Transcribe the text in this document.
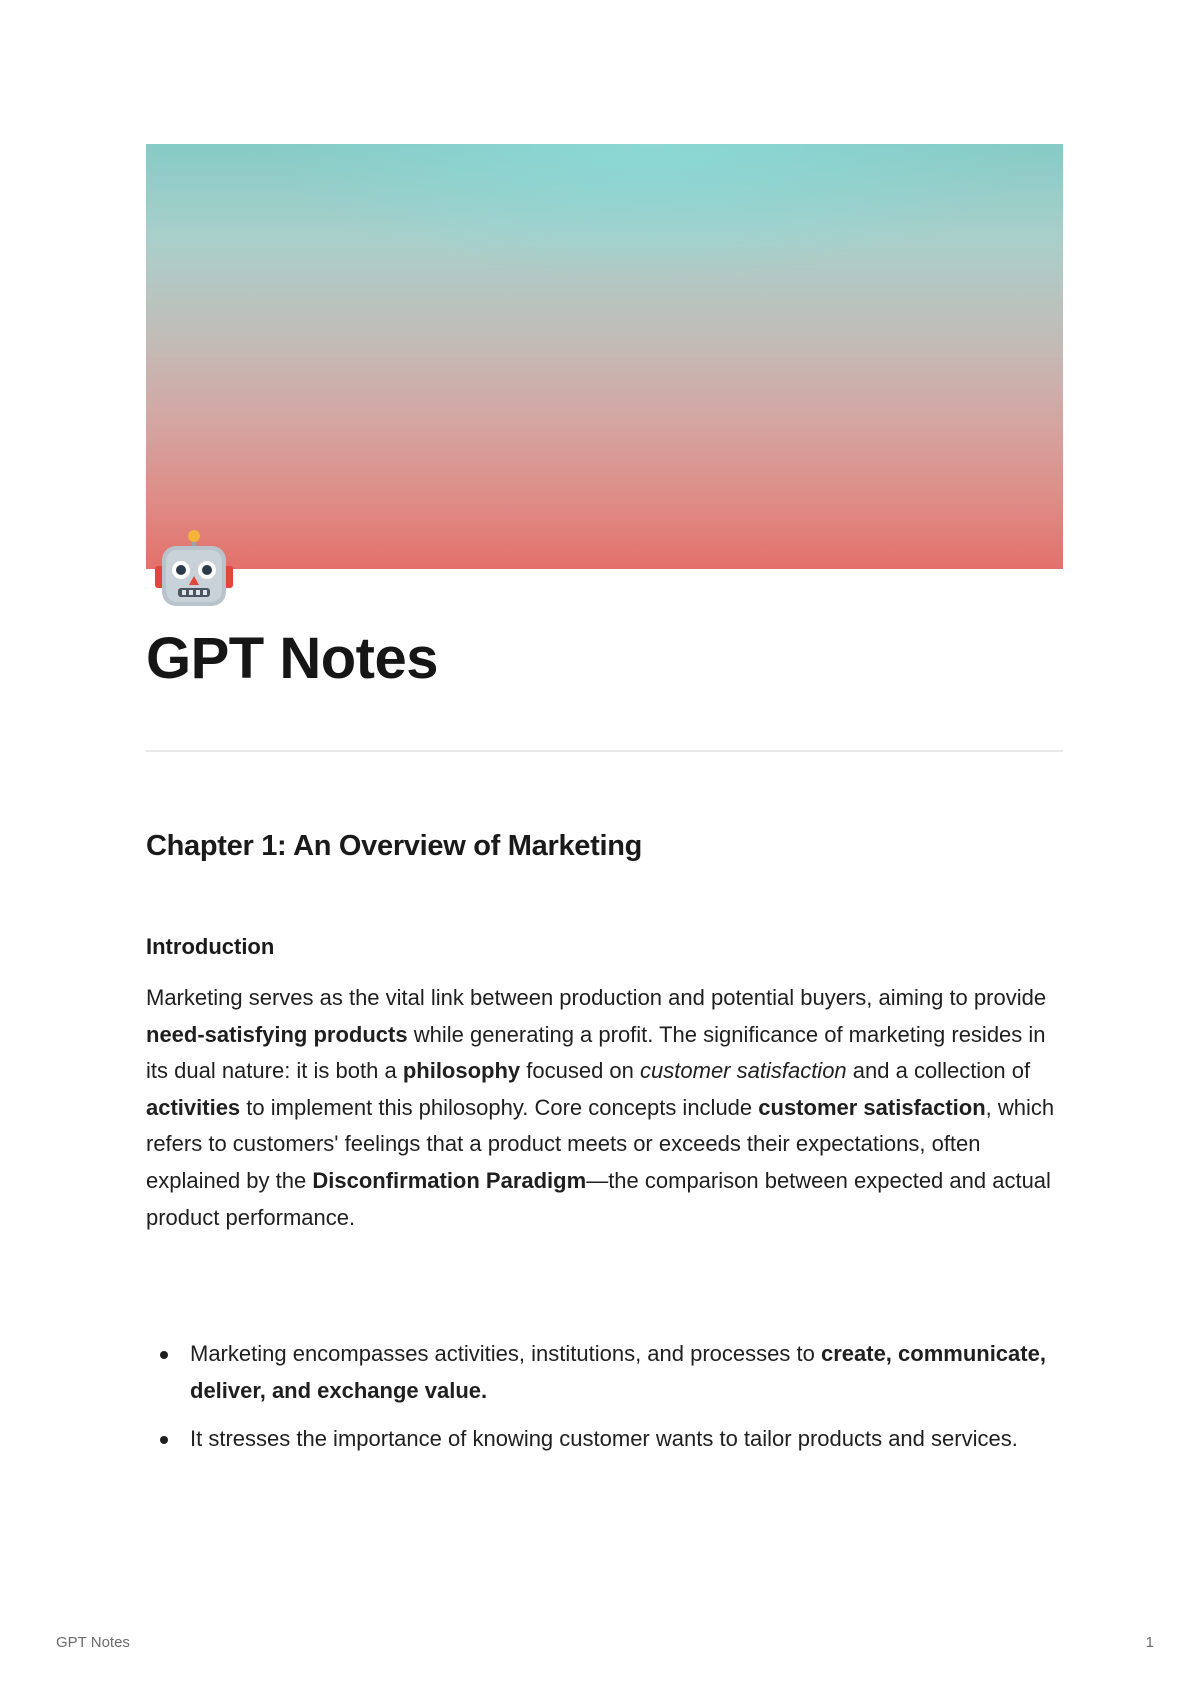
GPT Notes
Chapter 1: An Overview of Marketing
Introduction

Marketing serves as the vital link between production and potential buyers, aiming to provide need-satisfying products while generating a profit. The significance of marketing resides in its dual nature: it is both a philosophy focused on customer satisfaction and a collection of activities to implement this philosophy. Core concepts include customer satisfaction, which refers to customers' feelings that a product meets or exceeds their expectations, often explained by the Disconfirmation Paradigm—the comparison between expected and actual product performance.

Marketing encompasses activities, institutions, and processes to create, communicate, deliver, and exchange value.
It stresses the importance of knowing customer wants to tailor products and services.
GPT Notes	1
